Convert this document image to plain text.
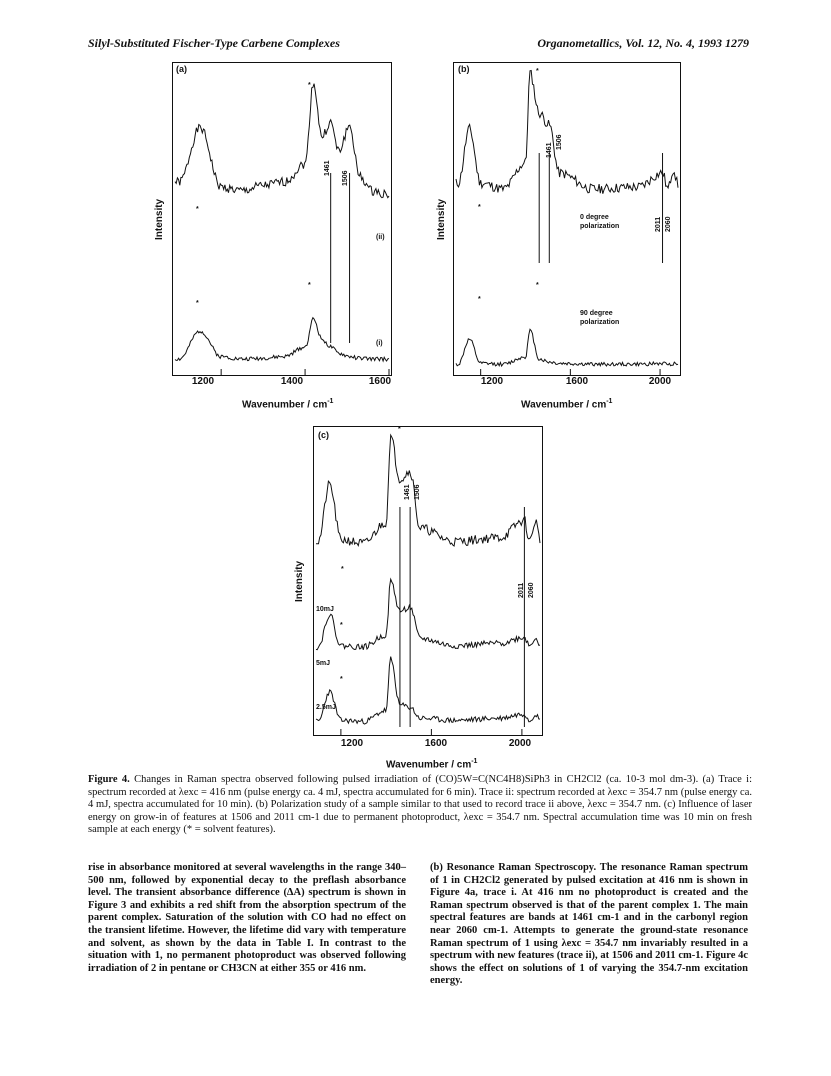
Silyl-Substituted Fischer-Type Carbene Complexes	Organometallics, Vol. 12, No. 4, 1993 1279
(a)
Intensity
1200	1400	1600
Wavenumber / $cm^{-1}$
1461
1506
(ii)
(i)
*
*
*
*
(b)
Intensity
1200	1600	2000
Wavenumber / $cm^{-1}$
1461
1506
2011 2060
0 degree
polarization
90 degree
polarization
*
*
*
*
(c)
Intensity
1200	1600	2000
Wavenumber / $cm^{-1}$
1461 1506
2011 2060
10mJ
5mJ
2.5mJ
*
*
*
*
Figure 4. Changes in Raman spectra observed following pulsed irradiation of (CO)5W=C(NC4H8)SiPh3 in CH2Cl2 (ca. 10-3 mol dm-3). (a) Trace i: spectrum recorded at λexc = 416 nm (pulse energy ca. 4 mJ, spectra accumulated for 6 min). Trace ii: spectrum recorded at λexc = 354.7 nm (pulse energy ca. 4 mJ, spectra accumulated for 10 min). (b) Polarization study of a sample similar to that used to record trace ii above, λexc = 354.7 nm. (c) Influence of laser energy on grow-in of features at 1506 and 2011 cm-1 due to permanent photoproduct, λexc = 354.7 nm. Spectral accumulation time was 10 min on fresh sample at each energy (* = solvent features).
rise in absorbance monitored at several wavelengths in the range 340–500 nm, followed by exponential decay to the preflash absorbance level. The transient absorbance difference (ΔA) spectrum is shown in Figure 3 and exhibits a red shift from the absorption spectrum of the parent complex. Saturation of the solution with CO had no effect on the transient lifetime. However, the lifetime did vary with temperature and solvent, as shown by the data in Table I. In contrast to the situation with 1, no permanent photoproduct was observed following irradiation of 2 in pentane or CH3CN at either 355 or 416 nm.
(b) Resonance Raman Spectroscopy. The resonance Raman spectrum of 1 in CH2Cl2 generated by pulsed excitation at 416 nm is shown in Figure 4a, trace i. At 416 nm no photoproduct is created and the Raman spectrum observed is that of the parent complex 1. The main spectral features are bands at 1461 cm-1 and in the carbonyl region near 2060 cm-1. Attempts to generate the ground-state resonance Raman spectrum of 1 using λexc = 354.7 nm invariably resulted in a spectrum with new features (trace ii), at 1506 and 2011 cm-1. Figure 4c shows the effect on solutions of 1 of varying the 354.7-nm excitation energy.
